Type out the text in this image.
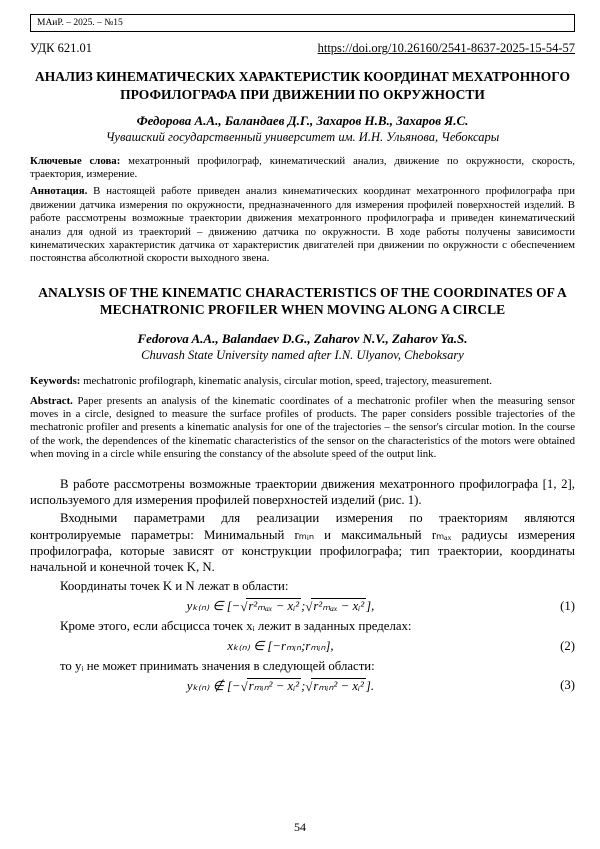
МАиР. – 2025. – №15
УДК 621.01	https://doi.org/10.26160/2541-8637-2025-15-54-57
АНАЛИЗ КИНЕМАТИЧЕСКИХ ХАРАКТЕРИСТИК КООРДИНАТ МЕХАТРОННОГО ПРОФИЛОГРАФА ПРИ ДВИЖЕНИИ ПО ОКРУЖНОСТИ
Федорова А.А., Баландаев Д.Г., Захаров Н.В., Захаров Я.С.
Чувашский государственный университет им. И.Н. Ульянова, Чебоксары
Ключевые слова: мехатронный профилограф, кинематический анализ, движение по окружности, скорость, траектория, измерение.
Аннотация. В настоящей работе приведен анализ кинематических координат мехатронного профилографа при движении датчика измерения по окружности, предназначенного для измерения профилей поверхностей изделий. В работе рассмотрены возможные траектории движения мехатронного профилографа и приведен кинематический анализ для одной из траекторий – движению датчика по окружности. В ходе работы получены зависимости кинематических характеристик датчика от характеристик двигателей при движении по окружности с обеспечением постоянства абсолютной скорости выходного звена.
ANALYSIS OF THE KINEMATIC CHARACTERISTICS OF THE COORDINATES OF A MECHATRONIC PROFILER WHEN MOVING ALONG A CIRCLE
Fedorova A.A., Balandaev D.G., Zaharov N.V., Zaharov Ya.S.
Chuvash State University named after I.N. Ulyanov, Cheboksary
Keywords: mechatronic profilograph, kinematic analysis, circular motion, speed, trajectory, measurement.
Abstract. Paper presents an analysis of the kinematic coordinates of a mechatronic profiler when the measuring sensor moves in a circle, designed to measure the surface profiles of products. The paper considers possible trajectories of the mechatronic profiler and presents a kinematic analysis for one of the trajectories – the sensor's circular motion. In the course of the work, the dependences of the kinematic characteristics of the sensor on the characteristics of the motors were obtained when moving in a circle while ensuring the constancy of the absolute speed of the output link.

В работе рассмотрены возможные траектории движения мехатронного профилографа [1, 2], используемого для измерения профилей поверхностей изделий (рис. 1).

Входными параметрами для реализации измерения по траекториям являются контролируемые параметры: Минимальный rₘᵢₙ и максимальный rₘₐₓ радиусы измерения профилографа, которые зависят от конструкции профилографа; тип траектории, координаты начальной и конечной точек K, N.

Координаты точек K и N лежат в области:

yₖ₍ₙ₎ ∈ [−√r²ₘₐₓ − xᵢ² ;√r²ₘₐₓ − xᵢ² ],	(1)

Кроме этого, если абсцисса точек xᵢ лежит в заданных пределах:

xₖ₍ₙ₎ ∈ [−rₘᵢₙ;rₘᵢₙ],	(2)

то yᵢ не может принимать значения в следующей области:

yₖ₍ₙ₎ ∉ [−√rₘᵢₙ² − xᵢ² ;√rₘᵢₙ² − xᵢ² ].	(3)
54
